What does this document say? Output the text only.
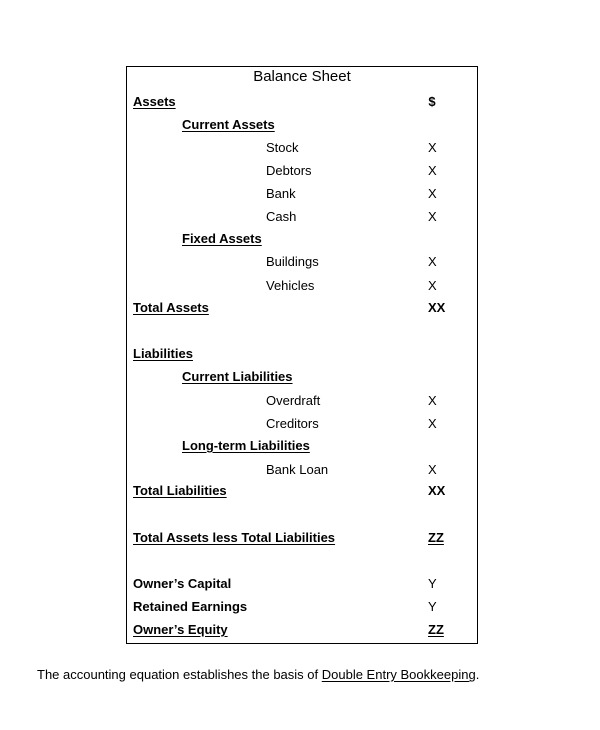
Balance Sheet
Assets	$
Current Assets
Stock	X
Debtors	X
Bank	X
Cash	X
Fixed Assets
Buildings	X
Vehicles	X
Total Assets	XX
Liabilities
Current Liabilities
Overdraft	X
Creditors	X
Long-term Liabilities
Bank Loan	X
Total Liabilities	XX
Total Assets less Total Liabilities	ZZ
Owner’s Capital	Y
Retained Earnings	Y
Owner’s Equity	ZZ
The accounting equation establishes the basis of Double Entry Bookkeeping.
